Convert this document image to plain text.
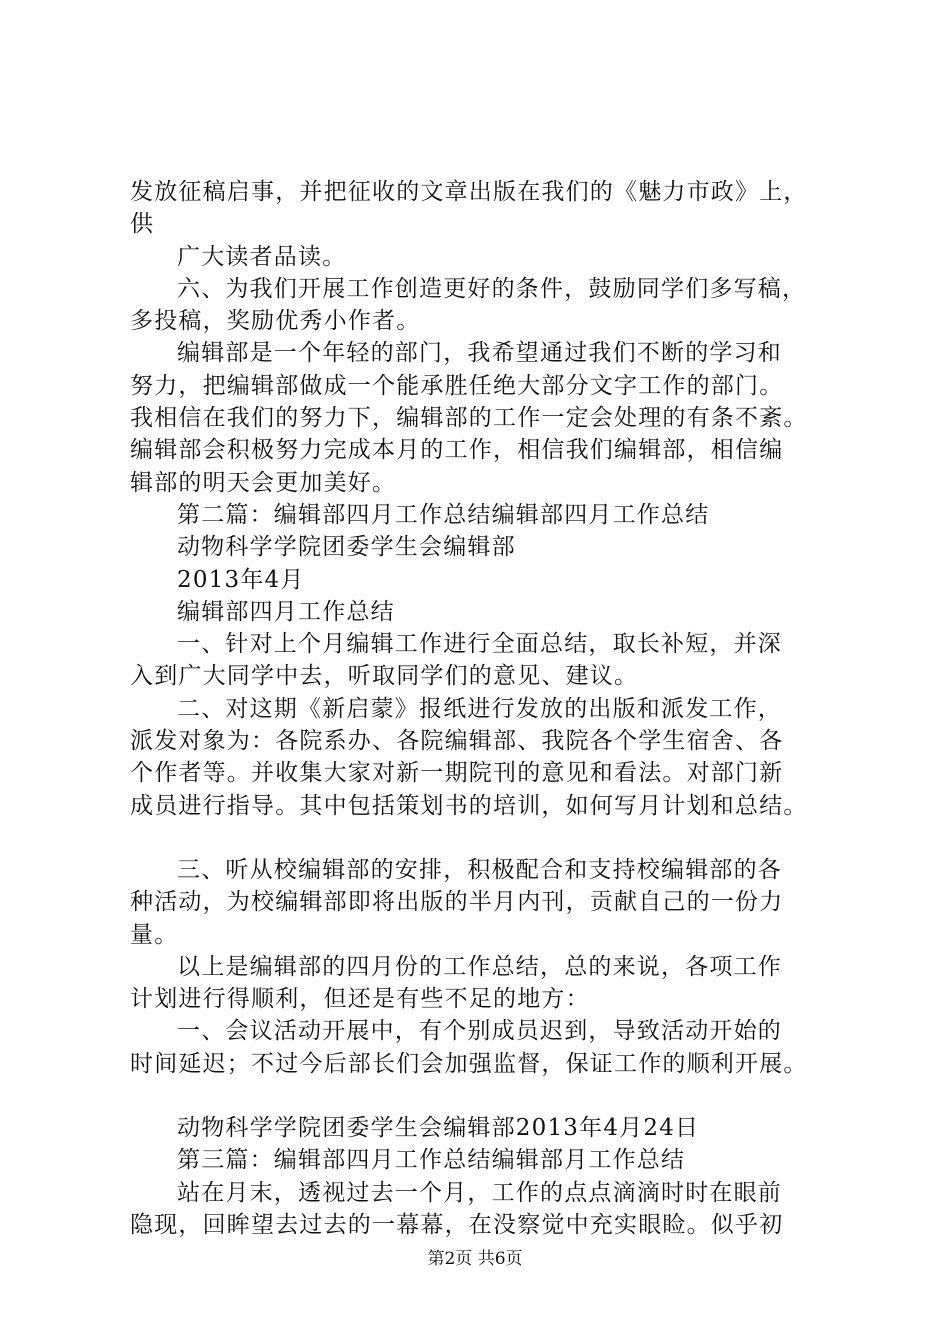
发放征稿启事，并把征收的文章出版在我们的《魅力市政》上，供

广大读者品读。

六、为我们开展工作创造更好的条件，鼓励同学们多写稿，

多投稿，奖励优秀小作者。

编辑部是一个年轻的部门，我希望通过我们不断的学习和

努力，把编辑部做成一个能承胜任绝大部分文字工作的部门。

我相信在我们的努力下，编辑部的工作一定会处理的有条不紊。

编辑部会积极努力完成本月的工作，相信我们编辑部，相信编

辑部的明天会更加美好。

第二篇：编辑部四月工作总结编辑部四月工作总结

动物科学学院团委学生会编辑部

2013年4月

编辑部四月工作总结

一、针对上个月编辑工作进行全面总结，取长补短，并深

入到广大同学中去，听取同学们的意见、建议。

二、对这期《新启蒙》报纸进行发放的出版和派发工作，

派发对象为：各院系办、各院编辑部、我院各个学生宿舍、各

个作者等。并收集大家对新一期院刊的意见和看法。对部门新

成员进行指导。其中包括策划书的培训，如何写月计划和总结。

三、听从校编辑部的安排，积极配合和支持校编辑部的各

种活动，为校编辑部即将出版的半月内刊，贡献自己的一份力

量。

以上是编辑部的四月份的工作总结，总的来说，各项工作

计划进行得顺利，但还是有些不足的地方：

一、会议活动开展中，有个别成员迟到，导致活动开始的

时间延迟；不过今后部长们会加强监督，保证工作的顺利开展。

动物科学学院团委学生会编辑部2013年4月24日

第三篇：编辑部四月工作总结编辑部月工作总结

站在月末，透视过去一个月，工作的点点滴滴时时在眼前

隐现，回眸望去过去的一幕幕，在没察觉中充实眼睑。似乎初

第2页 共6页
